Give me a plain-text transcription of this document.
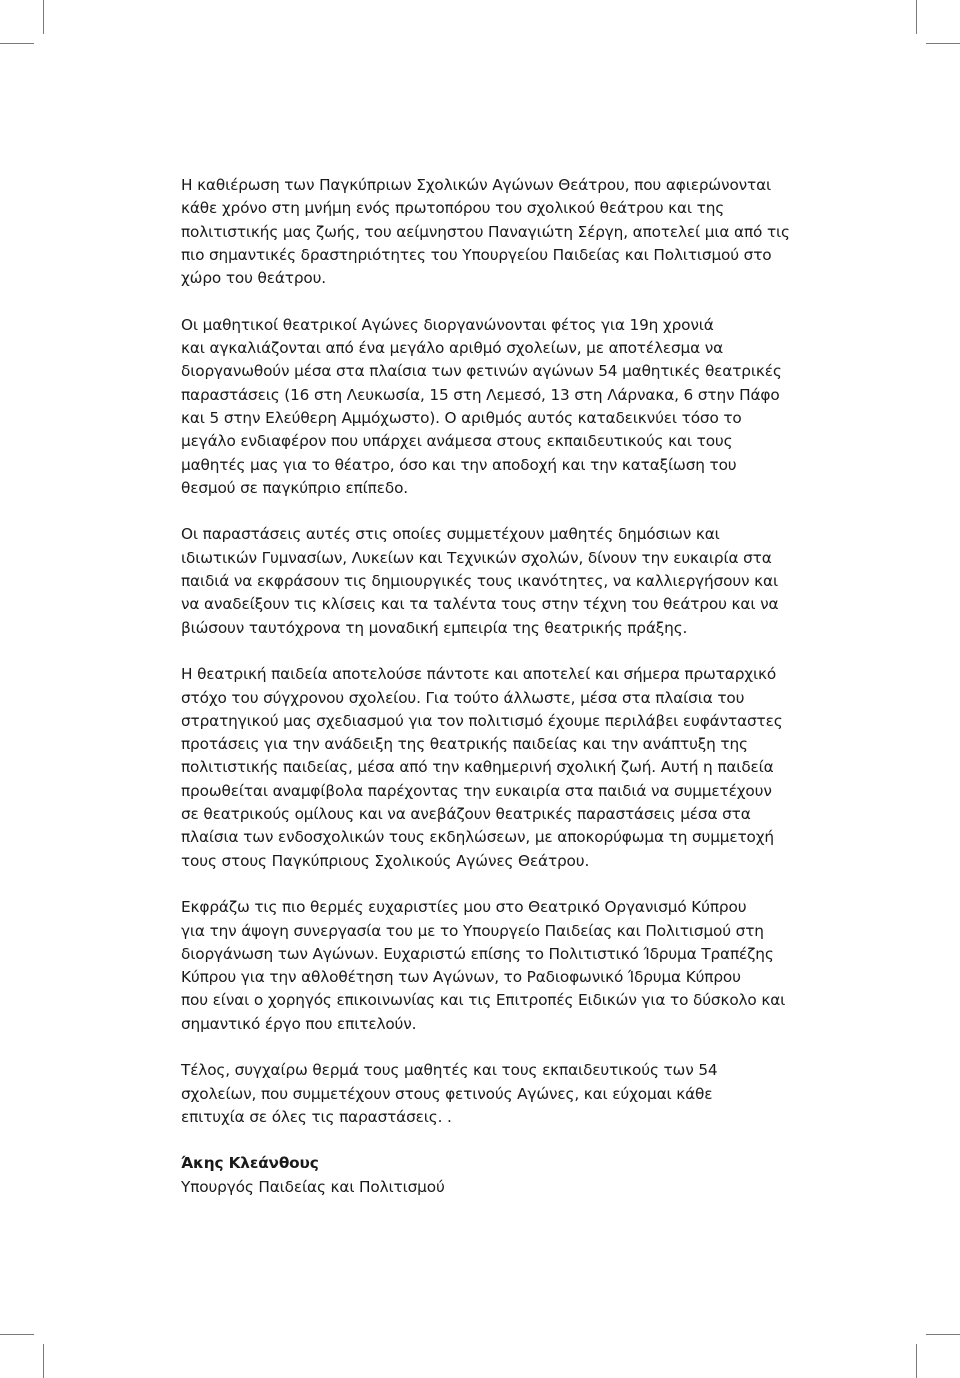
Η καθιέρωση των Παγκύπριων Σχολικών Αγώνων Θεάτρου, που αφιερώνονται
κάθε χρόνο στη μνήμη ενός πρωτοπόρου του σχολικού θεάτρου και της
πολιτιστικής μας ζωής, του αείμνηστου Παναγιώτη Σέργη, αποτελεί μια από τις
πιο σημαντικές δραστηριότητες του Υπουργείου Παιδείας και Πολιτισμού στο
χώρο του θεάτρου.

Οι μαθητικοί θεατρικοί Αγώνες διοργανώνονται φέτος για 19η χρονιά
και αγκαλιάζονται από ένα μεγάλο αριθμό σχολείων, με αποτέλεσμα να
διοργανωθούν μέσα στα πλαίσια των φετινών αγώνων 54 μαθητικές θεατρικές
παραστάσεις (16 στη Λευκωσία, 15 στη Λεμεσό, 13 στη Λάρνακα, 6 στην Πάφο
και 5 στην Ελεύθερη Αμμόχωστο). Ο αριθμός αυτός καταδεικνύει τόσο το
μεγάλο ενδιαφέρον που υπάρχει ανάμεσα στους εκπαιδευτικούς και τους
μαθητές μας για το θέατρο, όσο και την αποδοχή και την καταξίωση του
θεσμού σε παγκύπριο επίπεδο.

Οι παραστάσεις αυτές στις οποίες συμμετέχουν μαθητές δημόσιων και
ιδιωτικών Γυμνασίων, Λυκείων και Τεχνικών σχολών, δίνουν την ευκαιρία στα
παιδιά να εκφράσουν τις δημιουργικές τους ικανότητες, να καλλιεργήσουν και
να αναδείξουν τις κλίσεις και τα ταλέντα τους στην τέχνη του θεάτρου και να
βιώσουν ταυτόχρονα τη μοναδική εμπειρία της θεατρικής πράξης.

Η θεατρική παιδεία αποτελούσε πάντοτε και αποτελεί και σήμερα πρωταρχικό
στόχο του σύγχρονου σχολείου. Για τούτο άλλωστε, μέσα στα πλαίσια του
στρατηγικού μας σχεδιασμού για τον πολιτισμό έχουμε περιλάβει ευφάνταστες
προτάσεις για την ανάδειξη της θεατρικής παιδείας και την ανάπτυξη της
πολιτιστικής παιδείας, μέσα από την καθημερινή σχολική ζωή. Αυτή η παιδεία
προωθείται αναμφίβολα παρέχοντας την ευκαιρία στα παιδιά να συμμετέχουν
σε θεατρικούς ομίλους και να ανεβάζουν θεατρικές παραστάσεις μέσα στα
πλαίσια των ενδοσχολικών τους εκδηλώσεων, με αποκορύφωμα τη συμμετοχή
τους στους Παγκύπριους Σχολικούς Αγώνες Θεάτρου.

Εκφράζω τις πιο θερμές ευχαριστίες μου στο Θεατρικό Οργανισμό Κύπρου
για την άψογη συνεργασία του με το Υπουργείο Παιδείας και Πολιτισμού στη
διοργάνωση των Αγώνων. Ευχαριστώ επίσης το Πολιτιστικό Ίδρυμα Τραπέζης
Κύπρου για την αθλοθέτηση των Αγώνων, το Ραδιοφωνικό Ίδρυμα Κύπρου
που είναι ο χορηγός επικοινωνίας και τις Επιτροπές Ειδικών για το δύσκολο και
σημαντικό έργο που επιτελούν.

Τέλος, συγχαίρω θερμά τους μαθητές και τους εκπαιδευτικούς των 54
σχολείων, που συμμετέχουν στους φετινούς Αγώνες, και εύχομαι κάθε
επιτυχία σε όλες τις παραστάσεις. .

Άκης Κλεάνθους
Υπουργός Παιδείας και Πολιτισμού
